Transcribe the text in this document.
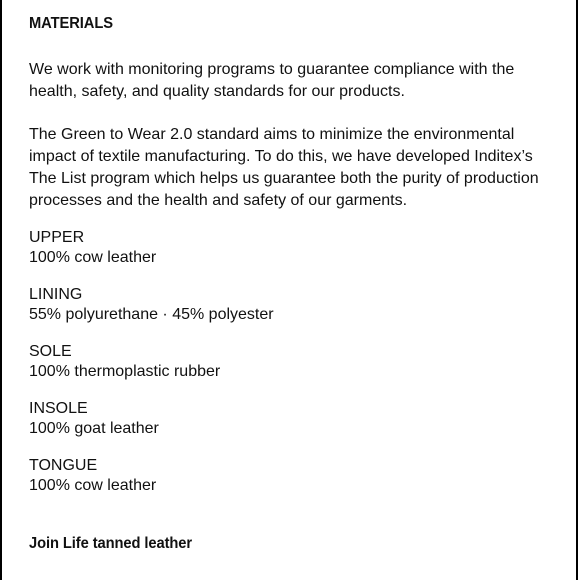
MATERIALS

We work with monitoring programs to guarantee compliance with the health, safety, and quality standards for our products.

The Green to Wear 2.0 standard aims to minimize the environmental impact of textile manufacturing. To do this, we have developed Inditex’s The List program which helps us guarantee both the purity of production processes and the health and safety of our garments.

UPPER
100% cow leather
LINING
55% polyurethane · 45% polyester
SOLE
100% thermoplastic rubber
INSOLE
100% goat leather
TONGUE
100% cow leather
Join Life tanned leather
